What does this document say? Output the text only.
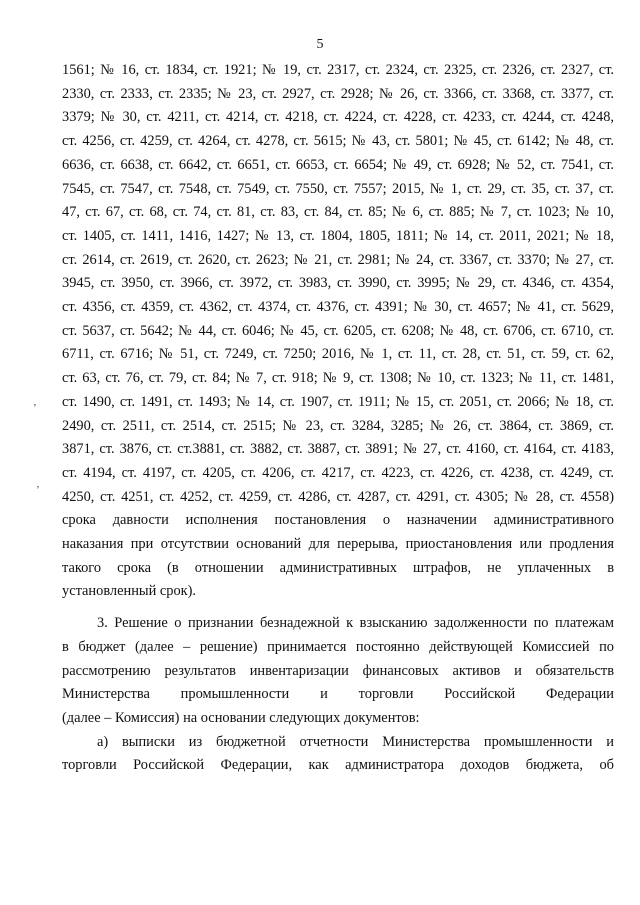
5
’
’
1561; № 16, ст. 1834, ст. 1921; № 19, ст. 2317, ст. 2324, ст. 2325, ст. 2326, ст. 2327, ст.
2330, ст. 2333, ст. 2335; № 23, ст. 2927, ст. 2928; № 26, ст. 3366, ст. 3368, ст. 3377, ст.
3379; № 30, ст. 4211, ст. 4214, ст. 4218, ст. 4224, ст. 4228, ст. 4233, ст. 4244, ст. 4248,
ст. 4256, ст. 4259, ст. 4264, ст. 4278, ст. 5615; № 43, ст. 5801; № 45, ст. 6142; № 48, ст.
6636, ст. 6638, ст. 6642, ст. 6651, ст. 6653, ст. 6654; № 49, ст. 6928; № 52, ст. 7541, ст.
7545, ст. 7547, ст. 7548, ст. 7549, ст. 7550, ст. 7557; 2015, № 1, ст. 29, ст. 35, ст. 37, ст.
47, ст. 67, ст. 68, ст. 74, ст. 81, ст. 83, ст. 84, ст. 85; № 6, ст. 885; № 7, ст. 1023; № 10,
ст. 1405, ст. 1411, 1416, 1427; № 13, ст. 1804, 1805, 1811; № 14, ст. 2011, 2021; № 18,
ст. 2614, ст. 2619, ст. 2620, ст. 2623; № 21, ст. 2981; № 24, ст. 3367, ст. 3370; № 27, ст.
3945, ст. 3950, ст. 3966, ст. 3972, ст. 3983, ст. 3990, ст. 3995; № 29, ст. 4346, ст. 4354,
ст. 4356, ст. 4359, ст. 4362, ст. 4374, ст. 4376, ст. 4391; № 30, ст. 4657; № 41, ст. 5629,
ст. 5637, ст. 5642; № 44, ст. 6046; № 45, ст. 6205, ст. 6208; № 48, ст. 6706, ст. 6710, ст.
6711, ст. 6716; № 51, ст. 7249, ст. 7250; 2016, № 1, ст. 11, ст. 28, ст. 51, ст. 59, ст. 62,
ст. 63, ст. 76, ст. 79, ст. 84; № 7, ст. 918; № 9, ст. 1308; № 10, ст. 1323; № 11, ст. 1481,
ст. 1490, ст. 1491, ст. 1493; № 14, ст. 1907, ст. 1911; № 15, ст. 2051, ст. 2066; № 18, ст.
2490, ст. 2511, ст. 2514, ст. 2515; № 23, ст. 3284, 3285; № 26, ст. 3864, ст. 3869, ст.
3871, ст. 3876, ст. ст.3881, ст. 3882, ст. 3887, ст. 3891; № 27, ст. 4160, ст. 4164, ст. 4183,
ст. 4194, ст. 4197, ст. 4205, ст. 4206, ст. 4217, ст. 4223, ст. 4226, ст. 4238, ст. 4249, ст.
4250, ст. 4251, ст. 4252, ст. 4259, ст. 4286, ст. 4287, ст. 4291, ст. 4305; № 28, ст. 4558)
срока давности исполнения постановления о назначении административного
наказания при отсутствии оснований для перерыва, приостановления или продления
такого срока (в отношении административных штрафов, не уплаченных в
установленный срок).
3. Решение о признании безнадежной к взысканию задолженности по платежам
в бюджет (далее – решение) принимается постоянно действующей Комиссией по
рассмотрению результатов инвентаризации финансовых активов и обязательств
Министерства промышленности и торговли Российской Федерации
(далее – Комиссия) на основании следующих документов:
а) выписки из бюджетной отчетности Министерства промышленности и
торговли Российской Федерации, как администратора доходов бюджета, об
